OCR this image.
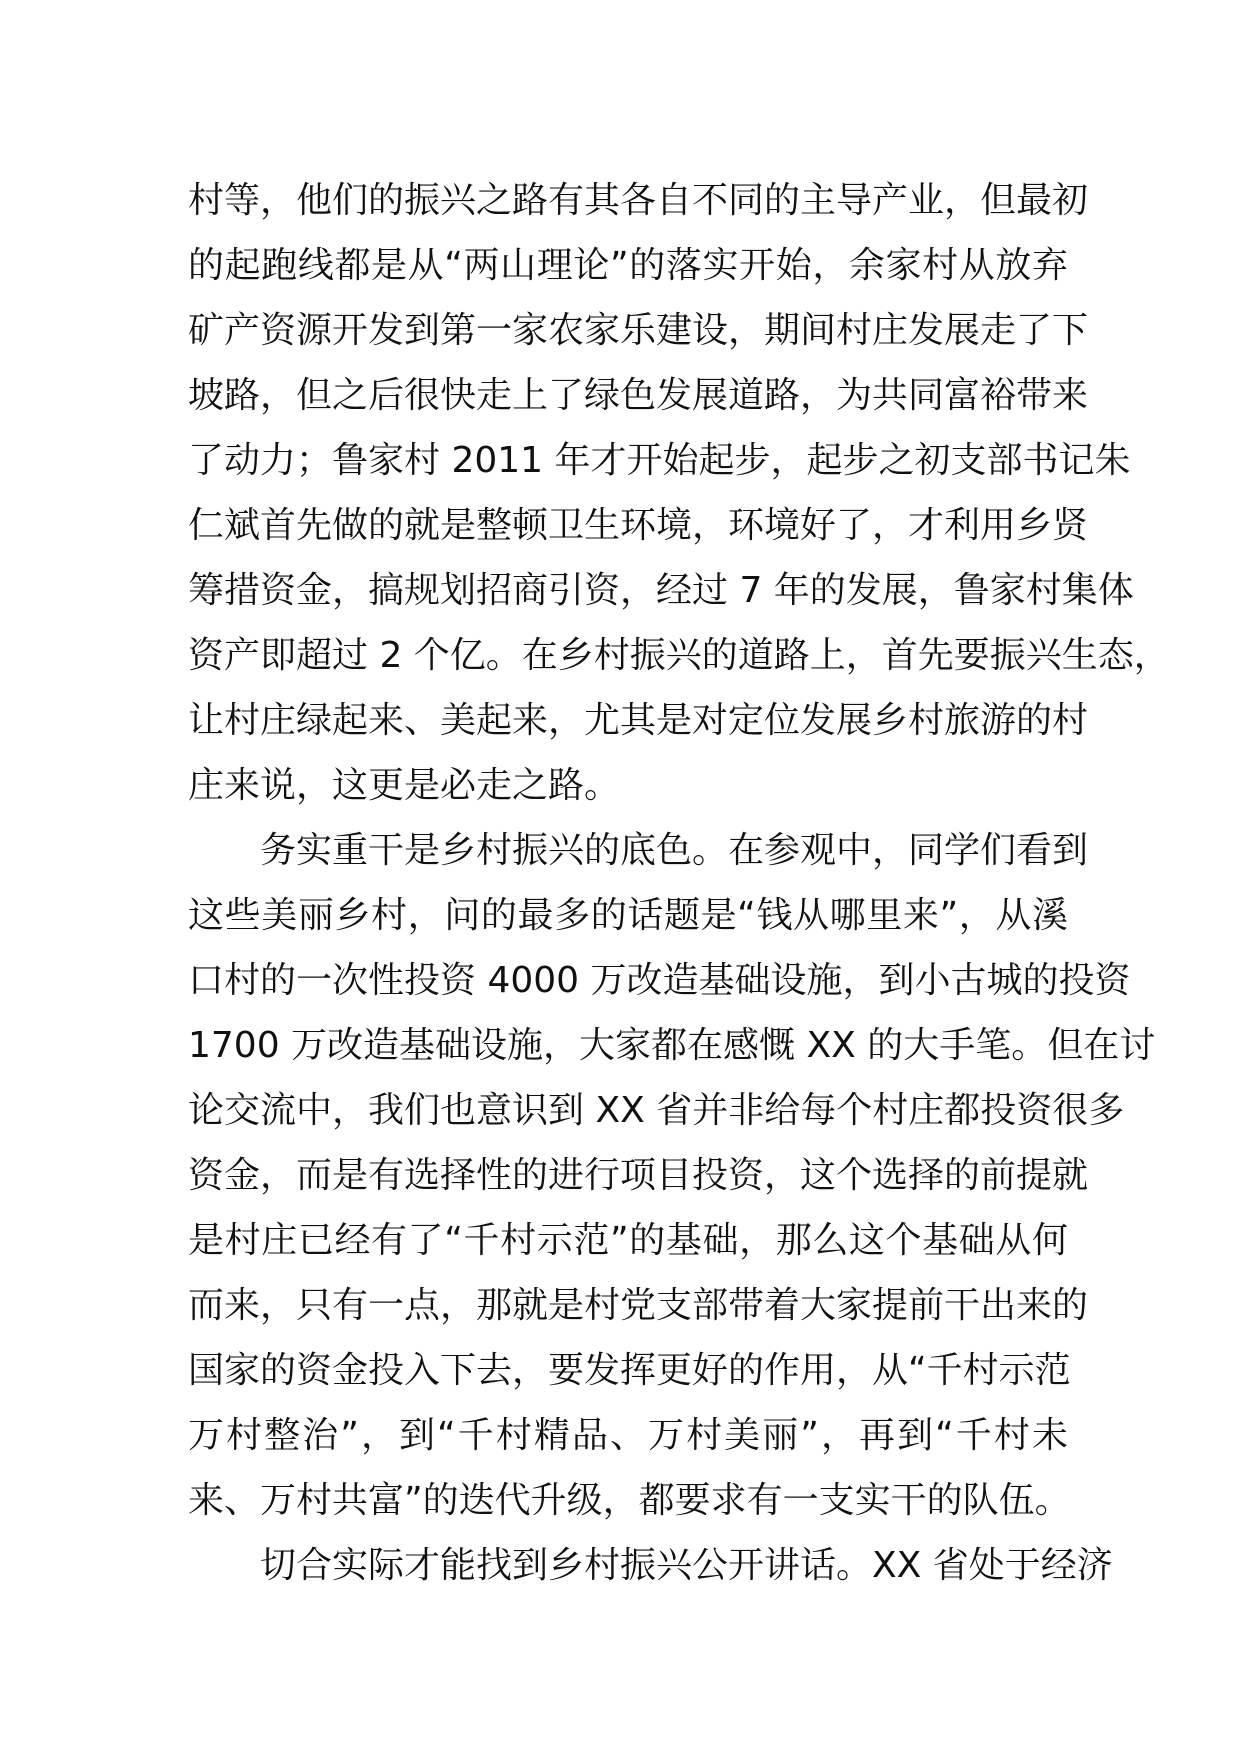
村等，他们的振兴之路有其各自不同的主导产业，但最初
的起跑线都是从“两山理论”的落实开始，余家村从放弃
矿产资源开发到第一家农家乐建设，期间村庄发展走了下
坡路，但之后很快走上了绿色发展道路，为共同富裕带来
了动力；鲁家村 2011 年才开始起步，起步之初支部书记朱
仁斌首先做的就是整顿卫生环境，环境好了，才利用乡贤
筹措资金，搞规划招商引资，经过 7 年的发展，鲁家村集体
资产即超过 2 个亿。在乡村振兴的道路上，首先要振兴生态，
让村庄绿起来、美起来，尤其是对定位发展乡村旅游的村
庄来说，这更是必走之路。
务实重干是乡村振兴的底色。在参观中，同学们看到
这些美丽乡村，问的最多的话题是“钱从哪里来”，从溪
口村的一次性投资 4000 万改造基础设施，到小古城的投资
1700 万改造基础设施，大家都在感慨 XX 的大手笔。但在讨
论交流中，我们也意识到 XX 省并非给每个村庄都投资很多
资金，而是有选择性的进行项目投资，这个选择的前提就
是村庄已经有了“千村示范”的基础，那么这个基础从何
而来，只有一点，那就是村党支部带着大家提前干出来的
国家的资金投入下去，要发挥更好的作用，从“千村示范
万村整治”，到“千村精品、万村美丽”，再到“千村未
来、万村共富”的迭代升级，都要求有一支实干的队伍。
切合实际才能找到乡村振兴公开讲话。XX 省处于经济
